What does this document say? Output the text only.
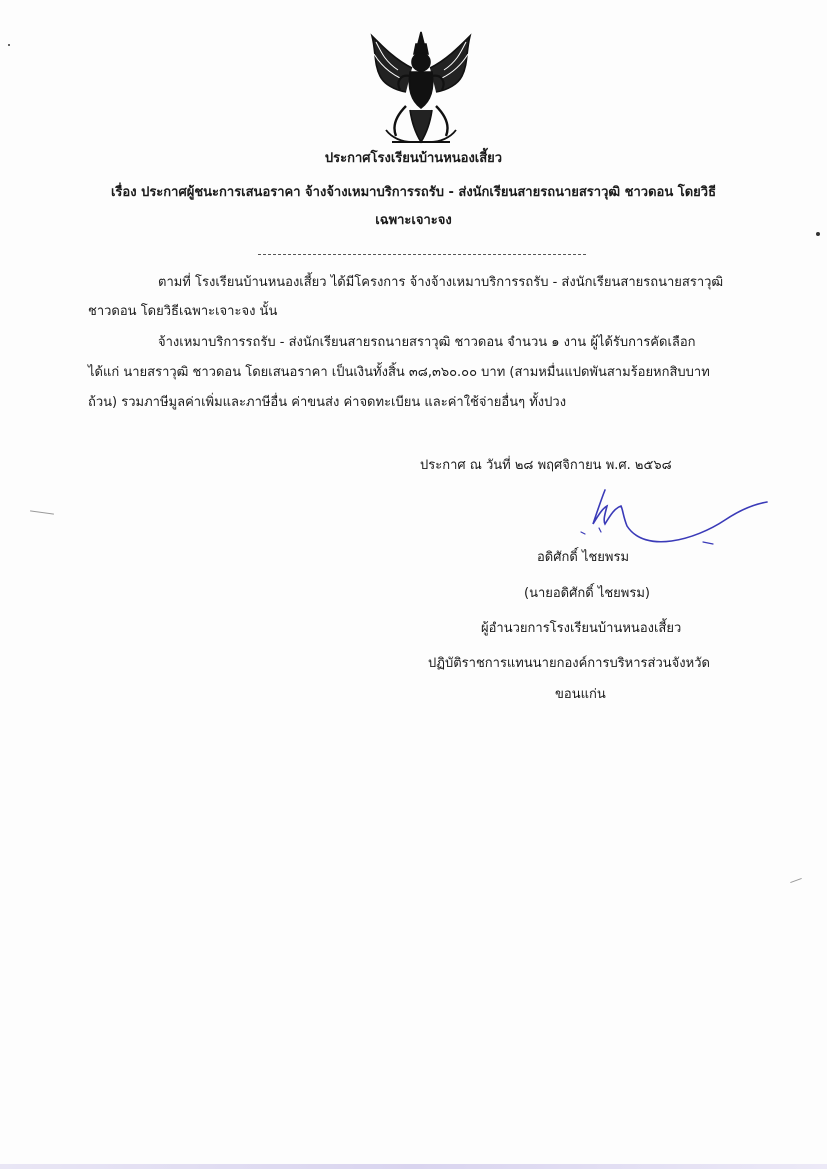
ประกาศโรงเรียนบ้านหนองเสี้ยว
เรื่อง ประกาศผู้ชนะการเสนอราคา จ้างจ้างเหมาบริการรถรับ - ส่งนักเรียนสายรถนายสราวุฒิ ชาวดอน โดยวิธี
เฉพาะเจาะจง
ตามที่ โรงเรียนบ้านหนองเสี้ยว ได้มีโครงการ จ้างจ้างเหมาบริการรถรับ - ส่งนักเรียนสายรถนายสราวุฒิ
ชาวดอน โดยวิธีเฉพาะเจาะจง นั้น
จ้างเหมาบริการรถรับ - ส่งนักเรียนสายรถนายสราวุฒิ ชาวดอน จำนวน ๑ งาน ผู้ได้รับการคัดเลือก
ได้แก่ นายสราวุฒิ ชาวดอน โดยเสนอราคา เป็นเงินทั้งสิ้น ๓๘,๓๖๐.๐๐ บาท (สามหมื่นแปดพันสามร้อยหกสิบบาท
ถ้วน) รวมภาษีมูลค่าเพิ่มและภาษีอื่น ค่าขนส่ง ค่าจดทะเบียน และค่าใช้จ่ายอื่นๆ ทั้งปวง
ประกาศ ณ วันที่ ๒๘ พฤศจิกายน พ.ศ. ๒๕๖๘
อดิศักดิ์ ไชยพรม
(นายอดิศักดิ์ ไชยพรม)
ผู้อำนวยการโรงเรียนบ้านหนองเสี้ยว
ปฏิบัติราชการแทนนายกองค์การบริหารส่วนจังหวัด
ขอนแก่น
